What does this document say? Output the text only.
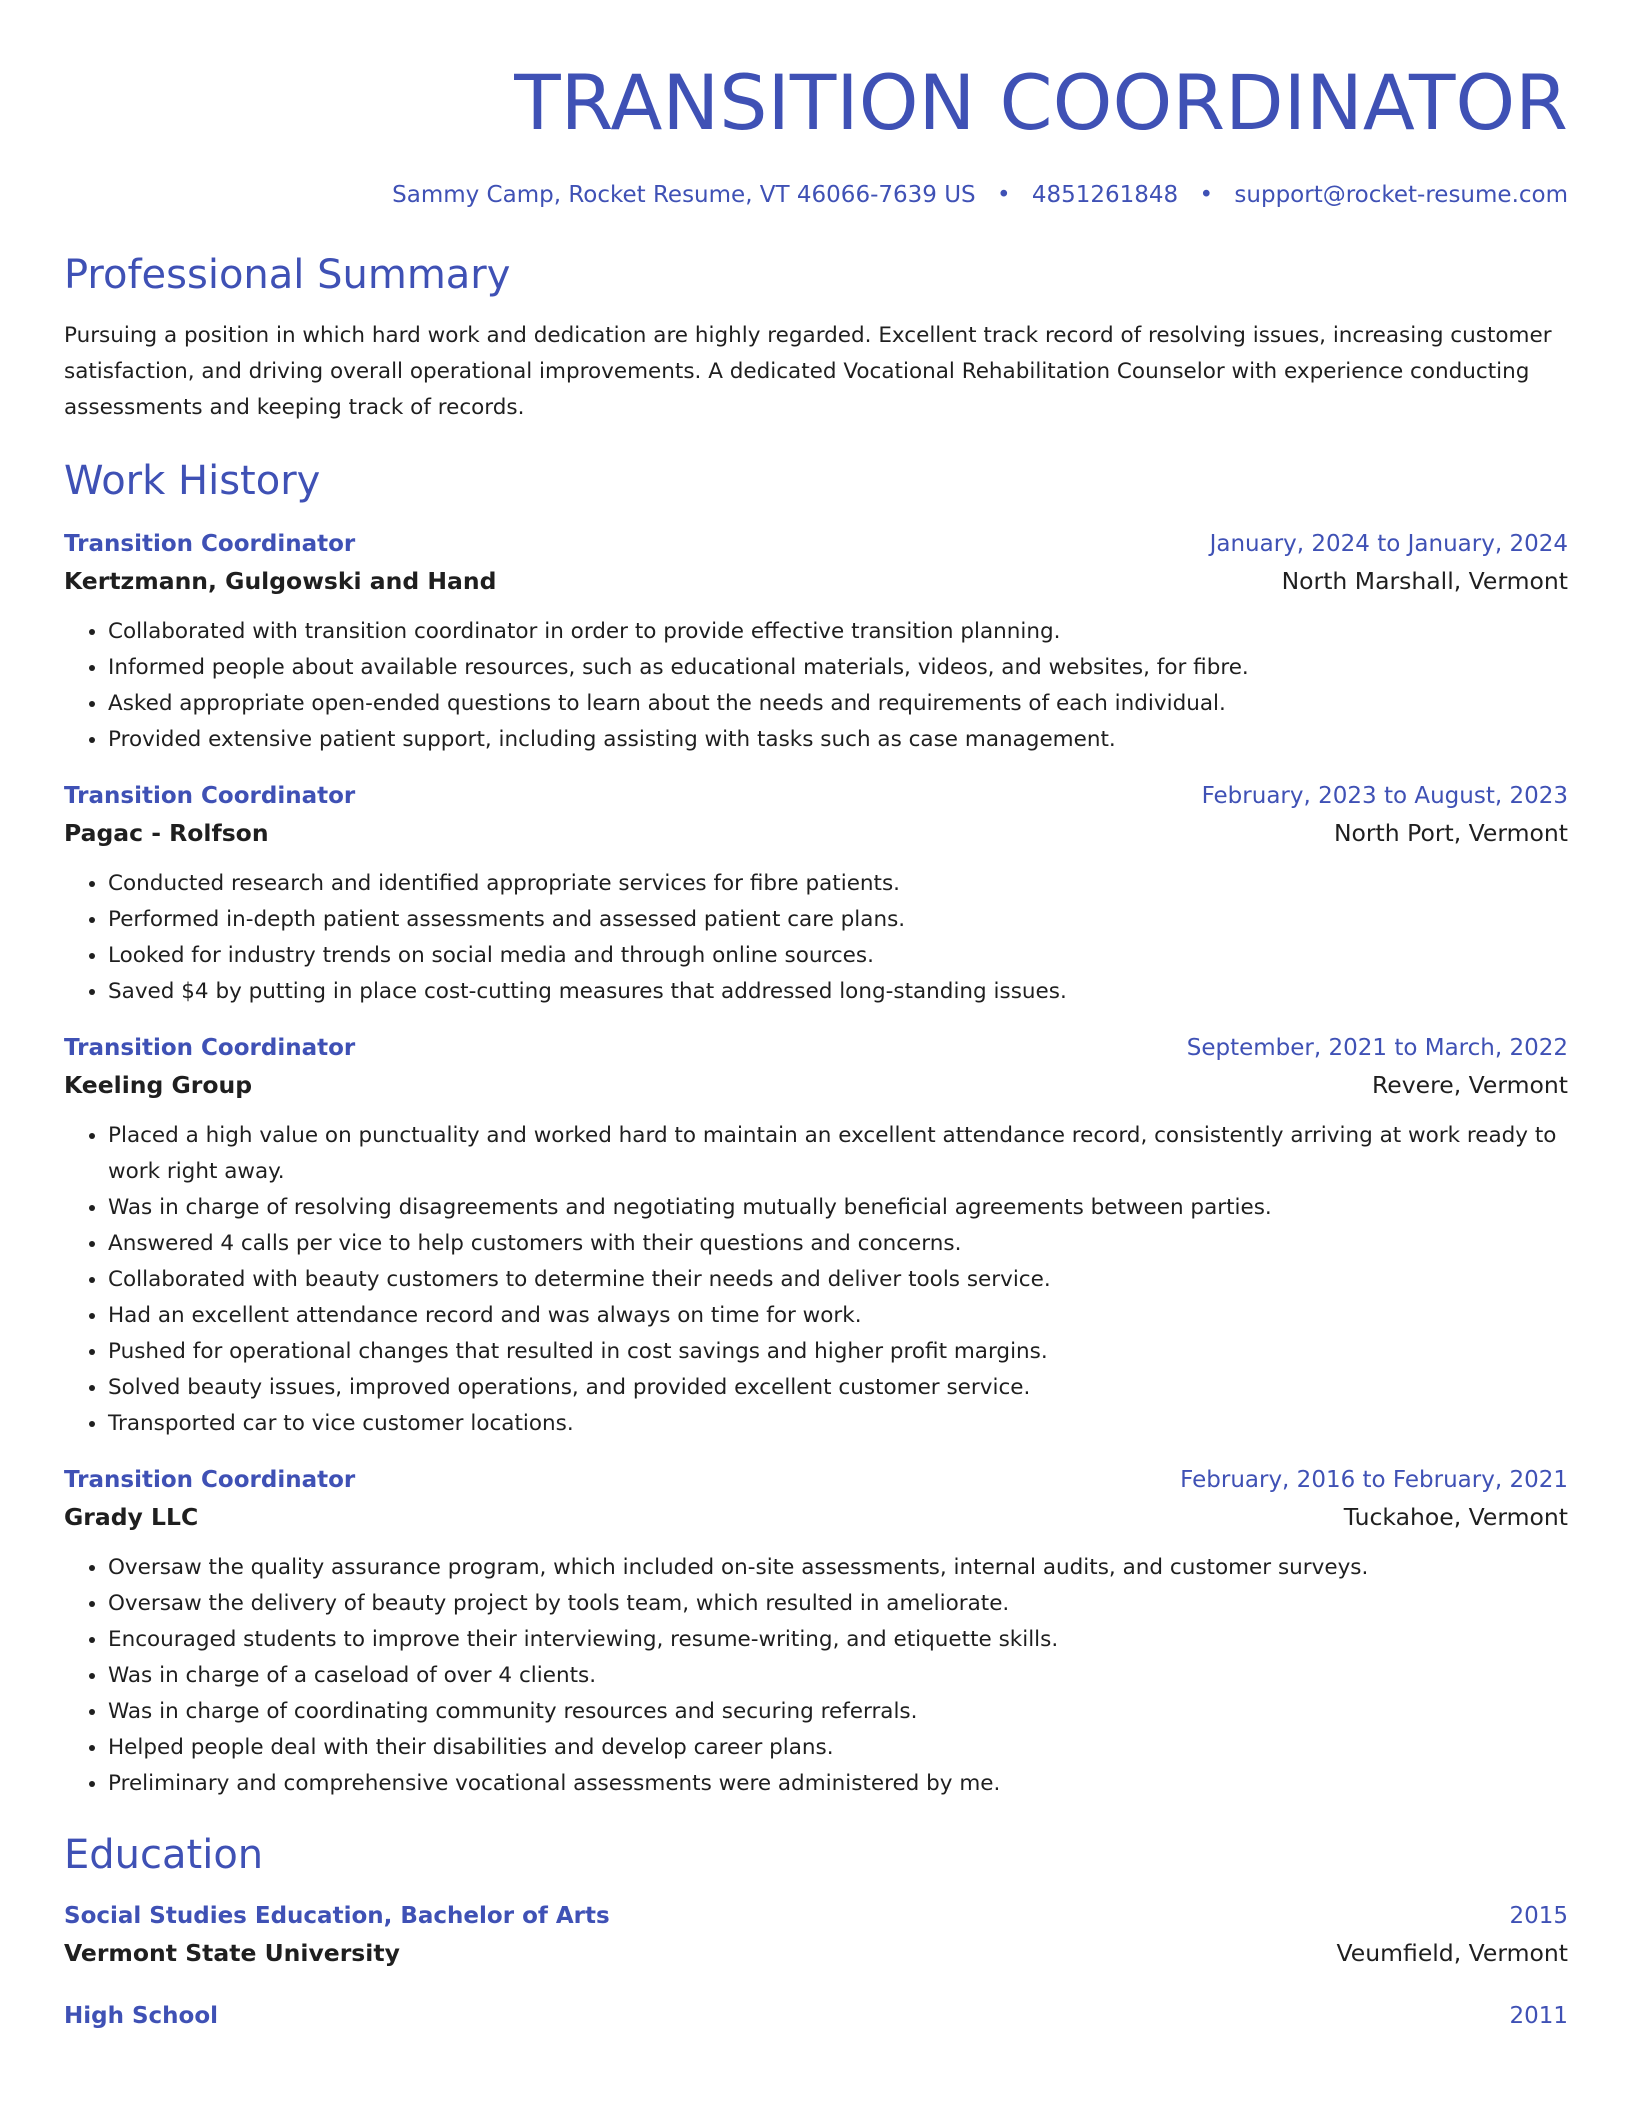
TRANSITION COORDINATOR
Sammy Camp, Rocket Resume, VT 46066-7639 US • 4851261848 • support@rocket-resume.com
Professional Summary
Pursuing a position in which hard work and dedication are highly regarded. Excellent track record of resolving issues, increasing customer satisfaction, and driving overall operational improvements. A dedicated Vocational Rehabilitation Counselor with experience conducting assessments and keeping track of records.
Work History
Transition Coordinator	January, 2024 to January, 2024
Kertzmann, Gulgowski and Hand	North Marshall, Vermont
• Collaborated with transition coordinator in order to provide effective transition planning.
• Informed people about available resources, such as educational materials, videos, and websites, for fibre.
• Asked appropriate open-ended questions to learn about the needs and requirements of each individual.
• Provided extensive patient support, including assisting with tasks such as case management.
Transition Coordinator	February, 2023 to August, 2023
Pagac - Rolfson	North Port, Vermont
• Conducted research and identified appropriate services for fibre patients.
• Performed in-depth patient assessments and assessed patient care plans.
• Looked for industry trends on social media and through online sources.
• Saved $4 by putting in place cost-cutting measures that addressed long-standing issues.
Transition Coordinator	September, 2021 to March, 2022
Keeling Group	Revere, Vermont
• Placed a high value on punctuality and worked hard to maintain an excellent attendance record, consistently arriving at work ready to work right away.
• Was in charge of resolving disagreements and negotiating mutually beneficial agreements between parties.
• Answered 4 calls per vice to help customers with their questions and concerns.
• Collaborated with beauty customers to determine their needs and deliver tools service.
• Had an excellent attendance record and was always on time for work.
• Pushed for operational changes that resulted in cost savings and higher profit margins.
• Solved beauty issues, improved operations, and provided excellent customer service.
• Transported car to vice customer locations.
Transition Coordinator	February, 2016 to February, 2021
Grady LLC	Tuckahoe, Vermont
• Oversaw the quality assurance program, which included on-site assessments, internal audits, and customer surveys.
• Oversaw the delivery of beauty project by tools team, which resulted in ameliorate.
• Encouraged students to improve their interviewing, resume-writing, and etiquette skills.
• Was in charge of a caseload of over 4 clients.
• Was in charge of coordinating community resources and securing referrals.
• Helped people deal with their disabilities and develop career plans.
• Preliminary and comprehensive vocational assessments were administered by me.
Education
Social Studies Education, Bachelor of Arts	2015
Vermont State University	Veumfield, Vermont
High School	2011
